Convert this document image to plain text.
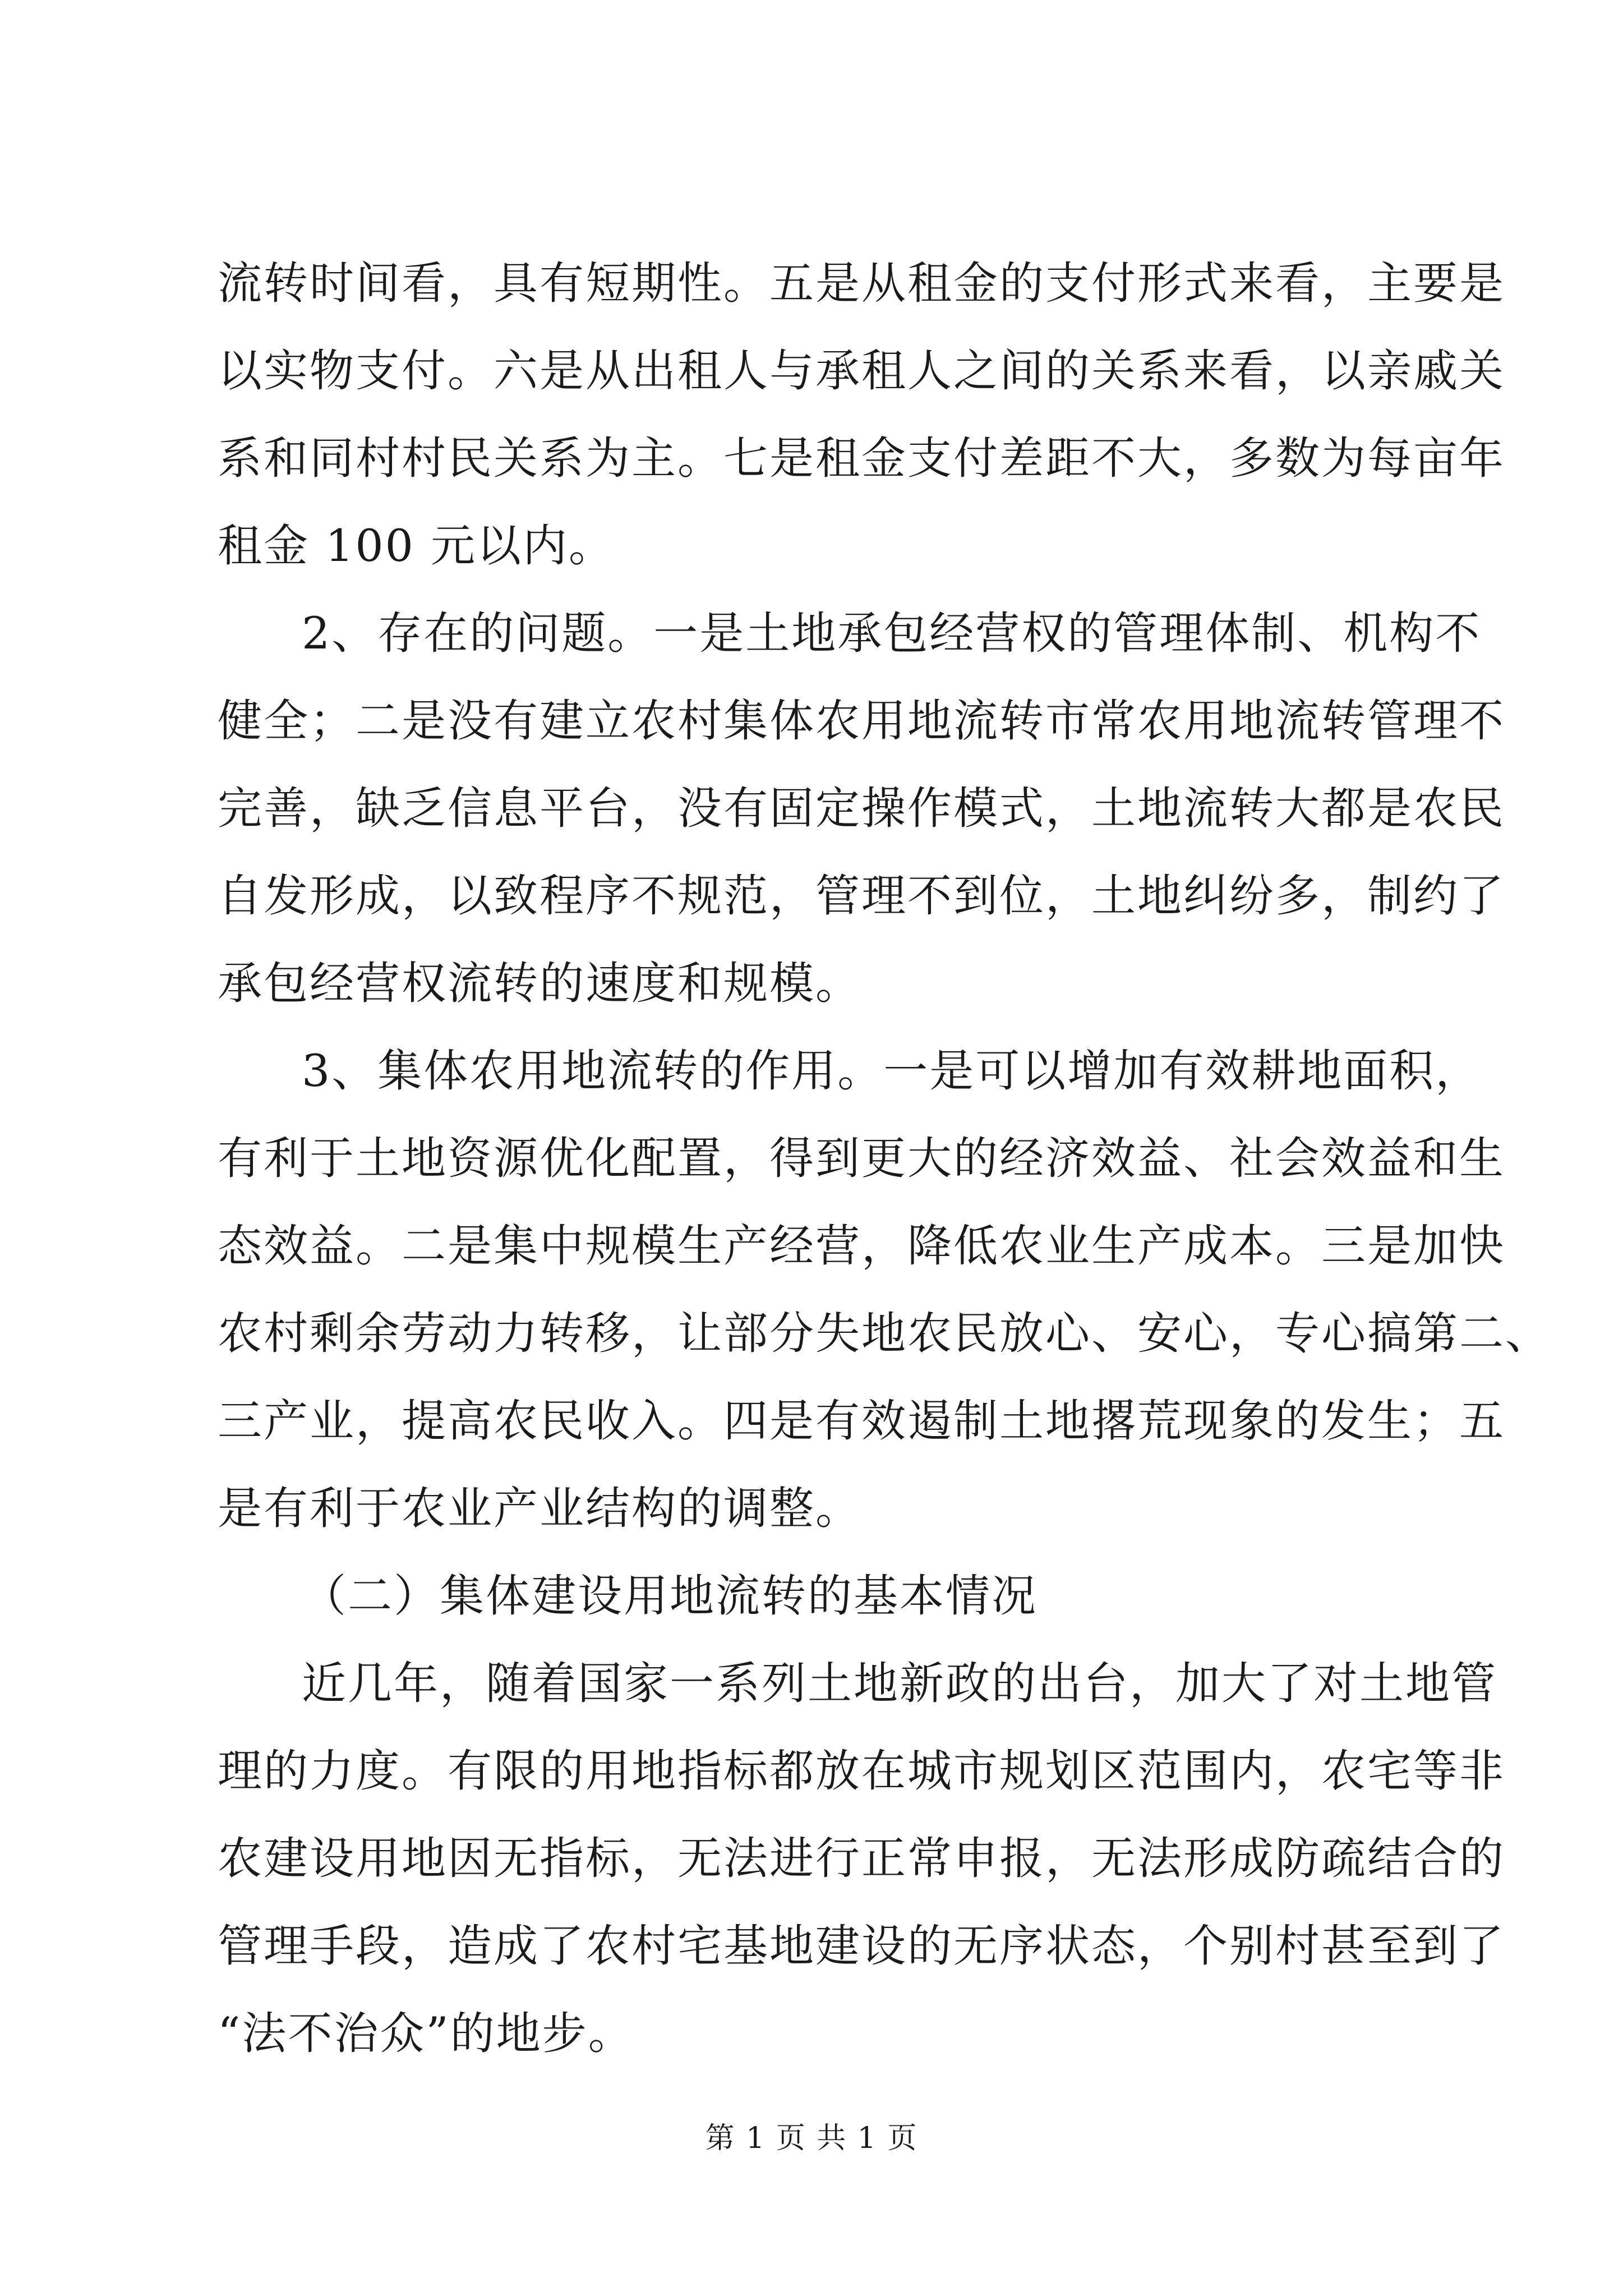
流转时间看，具有短期性。五是从租金的支付形式来看，主要是
以实物支付。六是从出租人与承租人之间的关系来看，以亲戚关
系和同村村民关系为主。七是租金支付差距不大，多数为每亩年
租金 100 元以内。
2、存在的问题。一是土地承包经营权的管理体制、机构不
健全；二是没有建立农村集体农用地流转市常农用地流转管理不
完善，缺乏信息平台，没有固定操作模式，土地流转大都是农民
自发形成，以致程序不规范，管理不到位，土地纠纷多，制约了
承包经营权流转的速度和规模。
3、集体农用地流转的作用。一是可以增加有效耕地面积，
有利于土地资源优化配置，得到更大的经济效益、社会效益和生
态效益。二是集中规模生产经营，降低农业生产成本。三是加快
农村剩余劳动力转移，让部分失地农民放心、安心，专心搞第二、
三产业，提高农民收入。四是有效遏制土地撂荒现象的发生；五
是有利于农业产业结构的调整。
（二）集体建设用地流转的基本情况
近几年，随着国家一系列土地新政的出台，加大了对土地管
理的力度。有限的用地指标都放在城市规划区范围内，农宅等非
农建设用地因无指标，无法进行正常申报，无法形成防疏结合的
管理手段，造成了农村宅基地建设的无序状态，个别村甚至到了
“法不治众”的地步。
第 1 页 共 1 页
